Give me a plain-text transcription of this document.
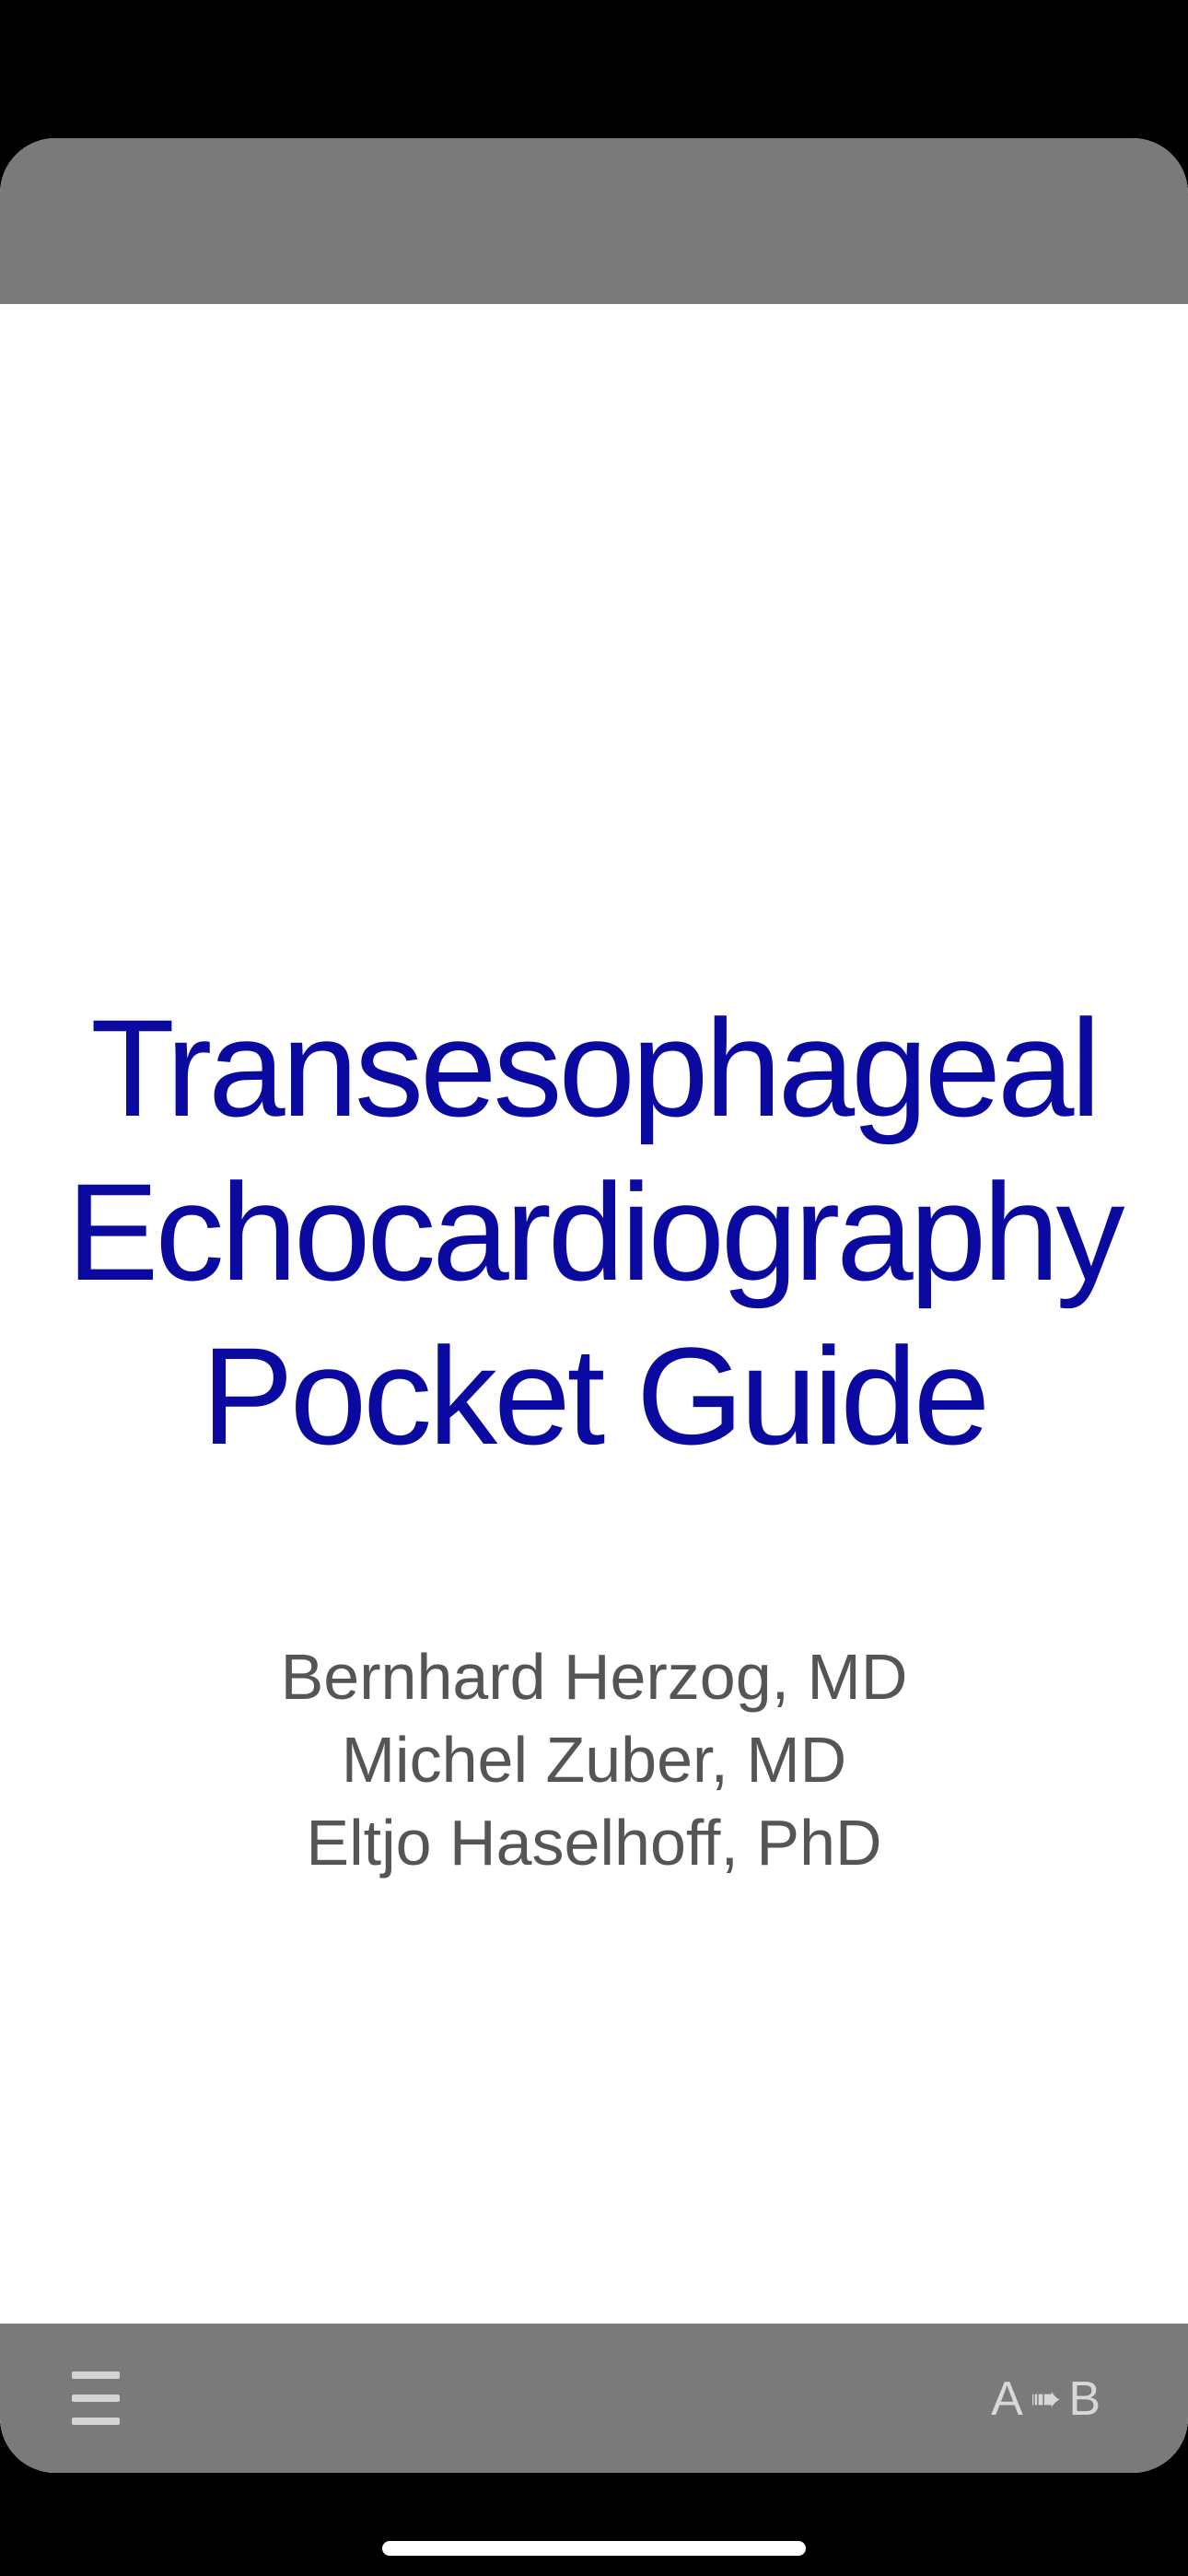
Transesophageal
Echocardiography
Pocket Guide
Bernhard Herzog, MD
Michel Zuber, MD
Eltjo Haselhoff, PhD
A ➠ B
